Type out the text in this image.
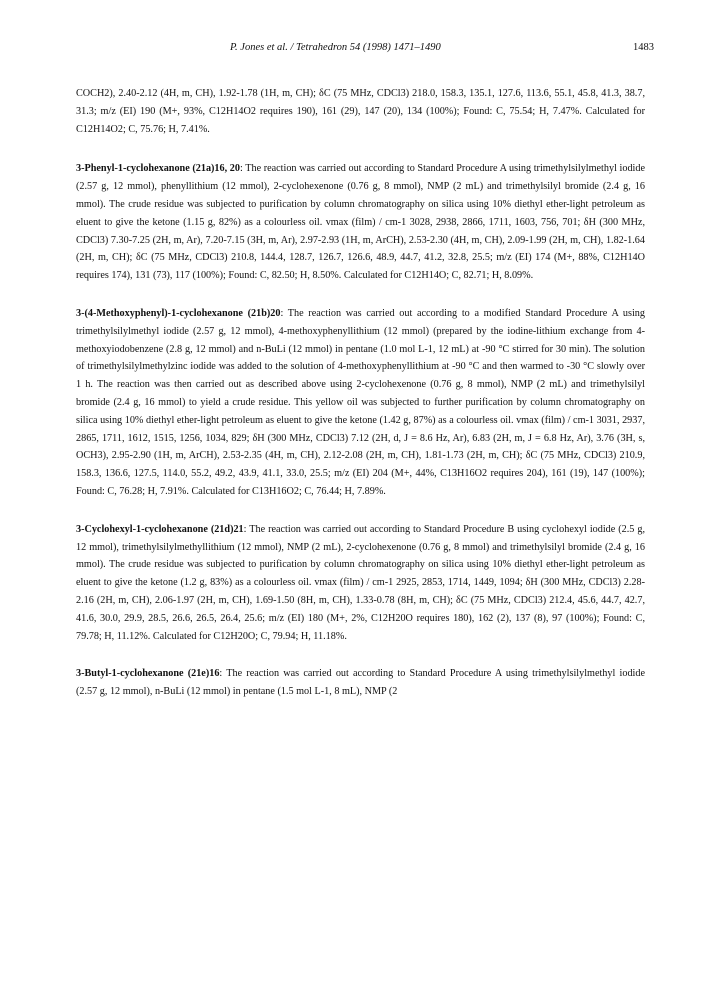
P. Jones et al. / Tetrahedron 54 (1998) 1471–1490	1483

COCH2), 2.40-2.12 (4H, m, CH), 1.92-1.78 (1H, m, CH); δC (75 MHz, CDCl3) 218.0, 158.3, 135.1, 127.6, 113.6, 55.1, 45.8, 41.3, 38.7, 31.3; m/z (EI) 190 (M+, 93%, C12H14O2 requires 190), 161 (29), 147 (20), 134 (100%); Found: C, 75.54; H, 7.47%. Calculated for C12H14O2; C, 75.76; H, 7.41%.

3-Phenyl-1-cyclohexanone (21a)16, 20: The reaction was carried out according to Standard Procedure A using trimethylsilylmethyl iodide (2.57 g, 12 mmol), phenyllithium (12 mmol), 2-cyclohexenone (0.76 g, 8 mmol), NMP (2 mL) and trimethylsilyl bromide (2.4 g, 16 mmol). The crude residue was subjected to purification by column chromatography on silica using 10% diethyl ether-light petroleum as eluent to give the ketone (1.15 g, 82%) as a colourless oil. vmax (film) / cm-1 3028, 2938, 2866, 1711, 1603, 756, 701; δH (300 MHz, CDCl3) 7.30-7.25 (2H, m, Ar), 7.20-7.15 (3H, m, Ar), 2.97-2.93 (1H, m, ArCH), 2.53-2.30 (4H, m, CH), 2.09-1.99 (2H, m, CH), 1.82-1.64 (2H, m, CH); δC (75 MHz, CDCl3) 210.8, 144.4, 128.7, 126.7, 126.6, 48.9, 44.7, 41.2, 32.8, 25.5; m/z (EI) 174 (M+, 88%, C12H14O requires 174), 131 (73), 117 (100%); Found: C, 82.50; H, 8.50%. Calculated for C12H14O; C, 82.71; H, 8.09%.

3-(4-Methoxyphenyl)-1-cyclohexanone (21b)20: The reaction was carried out according to a modified Standard Procedure A using trimethylsilylmethyl iodide (2.57 g, 12 mmol), 4-methoxyphenyllithium (12 mmol) (prepared by the iodine-lithium exchange from 4-methoxyiodobenzene (2.8 g, 12 mmol) and n-BuLi (12 mmol) in pentane (1.0 mol L-1, 12 mL) at -90 °C stirred for 30 min). The solution of trimethylsilylmethylzinc iodide was added to the solution of 4-methoxyphenyllithium at -90 °C and then warmed to -30 °C slowly over 1 h. The reaction was then carried out as described above using 2-cyclohexenone (0.76 g, 8 mmol), NMP (2 mL) and trimethylsilyl bromide (2.4 g, 16 mmol) to yield a crude residue. This yellow oil was subjected to further purification by column chromatography on silica using 10% diethyl ether-light petroleum as eluent to give the ketone (1.42 g, 87%) as a colourless oil. vmax (film) / cm-1 3031, 2937, 2865, 1711, 1612, 1515, 1256, 1034, 829; δH (300 MHz, CDCl3) 7.12 (2H, d, J = 8.6 Hz, Ar), 6.83 (2H, m, J = 6.8 Hz, Ar), 3.76 (3H, s, OCH3), 2.95-2.90 (1H, m, ArCH), 2.53-2.35 (4H, m, CH), 2.12-2.08 (2H, m, CH), 1.81-1.73 (2H, m, CH); δC (75 MHz, CDCl3) 210.9, 158.3, 136.6, 127.5, 114.0, 55.2, 49.2, 43.9, 41.1, 33.0, 25.5; m/z (EI) 204 (M+, 44%, C13H16O2 requires 204), 161 (19), 147 (100%); Found: C, 76.28; H, 7.91%. Calculated for C13H16O2; C, 76.44; H, 7.89%.

3-Cyclohexyl-1-cyclohexanone (21d)21: The reaction was carried out according to Standard Procedure B using cyclohexyl iodide (2.5 g, 12 mmol), trimethylsilylmethyllithium (12 mmol), NMP (2 mL), 2-cyclohexenone (0.76 g, 8 mmol) and trimethylsilyl bromide (2.4 g, 16 mmol). The crude residue was subjected to purification by column chromatography on silica using 10% diethyl ether-light petroleum as eluent to give the ketone (1.2 g, 83%) as a colourless oil. vmax (film) / cm-1 2925, 2853, 1714, 1449, 1094; δH (300 MHz, CDCl3) 2.28-2.16 (2H, m, CH), 2.06-1.97 (2H, m, CH), 1.69-1.50 (8H, m, CH), 1.33-0.78 (8H, m, CH); δC (75 MHz, CDCl3) 212.4, 45.6, 44.7, 42.7, 41.6, 30.0, 29.9, 28.5, 26.6, 26.5, 26.4, 25.6; m/z (EI) 180 (M+, 2%, C12H20O requires 180), 162 (2), 137 (8), 97 (100%); Found: C, 79.78; H, 11.12%. Calculated for C12H20O; C, 79.94; H, 11.18%.

3-Butyl-1-cyclohexanone (21e)16: The reaction was carried out according to Standard Procedure A using trimethylsilylmethyl iodide (2.57 g, 12 mmol), n-BuLi (12 mmol) in pentane (1.5 mol L-1, 8 mL), NMP (2
